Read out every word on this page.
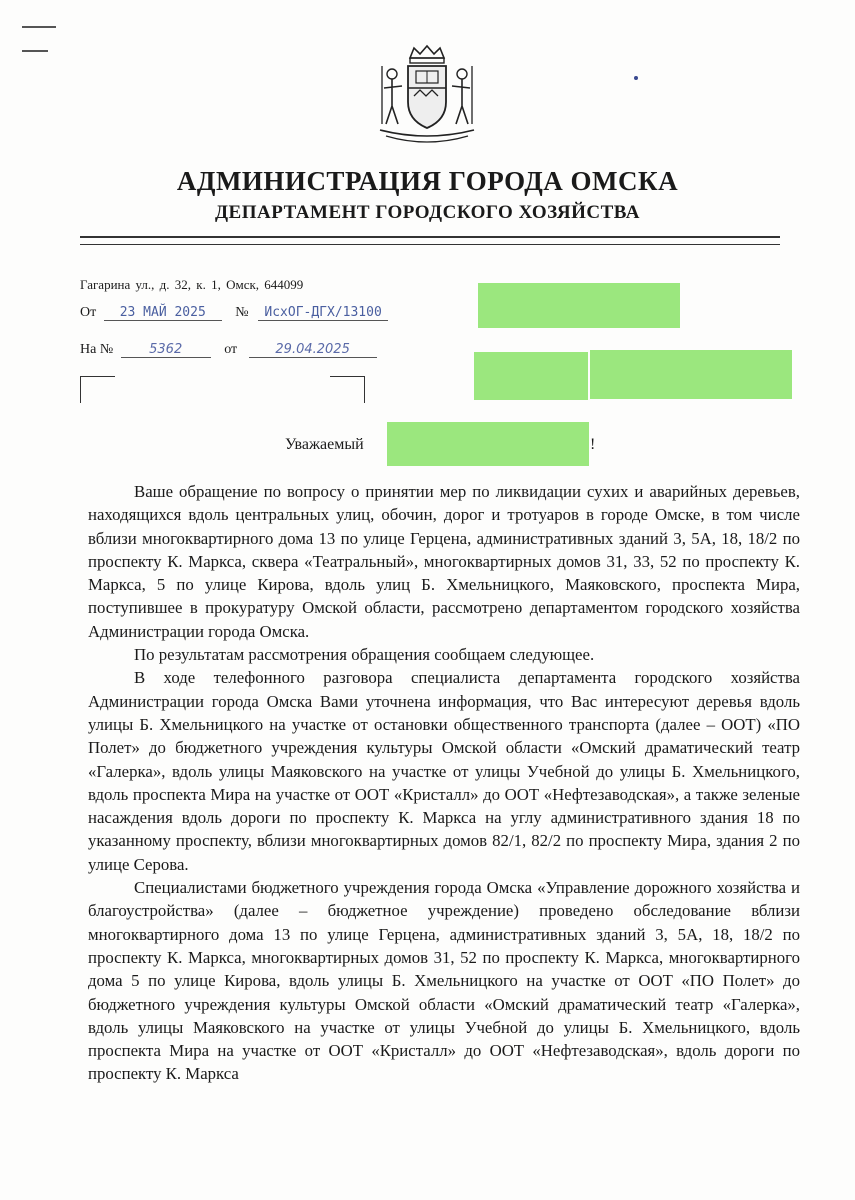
АДМИНИСТРАЦИЯ ГОРОДА ОМСКА
ДЕПАРТАМЕНТ ГОРОДСКОГО ХОЗЯЙСТВА
Гагарина ул., д. 32, к. 1, Омск, 644099
От 23 МАЙ 2025 № ИсхОГ-ДГХ/13100
На №	5362	от	29.04.2025
Уважаемый	!

Ваше обращение по вопросу о принятии мер по ликвидации сухих и аварийных деревьев, находящихся вдоль центральных улиц, обочин, дорог и тротуаров в городе Омске, в том числе вблизи многоквартирного дома 13 по улице Герцена, административных зданий 3, 5А, 18, 18/2 по проспекту К. Маркса, сквера «Театральный», многоквартирных домов 31, 33, 52 по проспекту К. Маркса, 5 по улице Кирова, вдоль улиц Б. Хмельницкого, Маяковского, проспекта Мира, поступившее в прокуратуру Омской области, рассмотрено департаментом городского хозяйства Администрации города Омска.

По результатам рассмотрения обращения сообщаем следующее.

В ходе телефонного разговора специалиста департамента городского хозяйства Администрации города Омска Вами уточнена информация, что Вас интересуют деревья вдоль улицы Б. Хмельницкого на участке от остановки общественного транспорта (далее – ООТ) «ПО Полет» до бюджетного учреждения культуры Омской области «Омский драматический театр «Галерка», вдоль улицы Маяковского на участке от улицы Учебной до улицы Б. Хмельницкого, вдоль проспекта Мира на участке от ООТ «Кристалл» до ООТ «Нефтезаводская», а также зеленые насаждения вдоль дороги по проспекту К. Маркса на углу административного здания 18 по указанному проспекту, вблизи многоквартирных домов 82/1, 82/2 по проспекту Мира, здания 2 по улице Серова.

Специалистами бюджетного учреждения города Омска «Управление дорожного хозяйства и благоустройства» (далее – бюджетное учреждение) проведено обследование вблизи многоквартирного дома 13 по улице Герцена, административных зданий 3, 5А, 18, 18/2 по проспекту К. Маркса, многоквартирных домов 31, 52 по проспекту К. Маркса, многоквартирного дома 5 по улице Кирова, вдоль улицы Б. Хмельницкого на участке от ООТ «ПО Полет» до бюджетного учреждения культуры Омской области «Омский драматический театр «Галерка», вдоль улицы Маяковского на участке от улицы Учебной до улицы Б. Хмельницкого, вдоль проспекта Мира на участке от ООТ «Кристалл» до ООТ «Нефтезаводская», вдоль дороги по проспекту К. Маркса
